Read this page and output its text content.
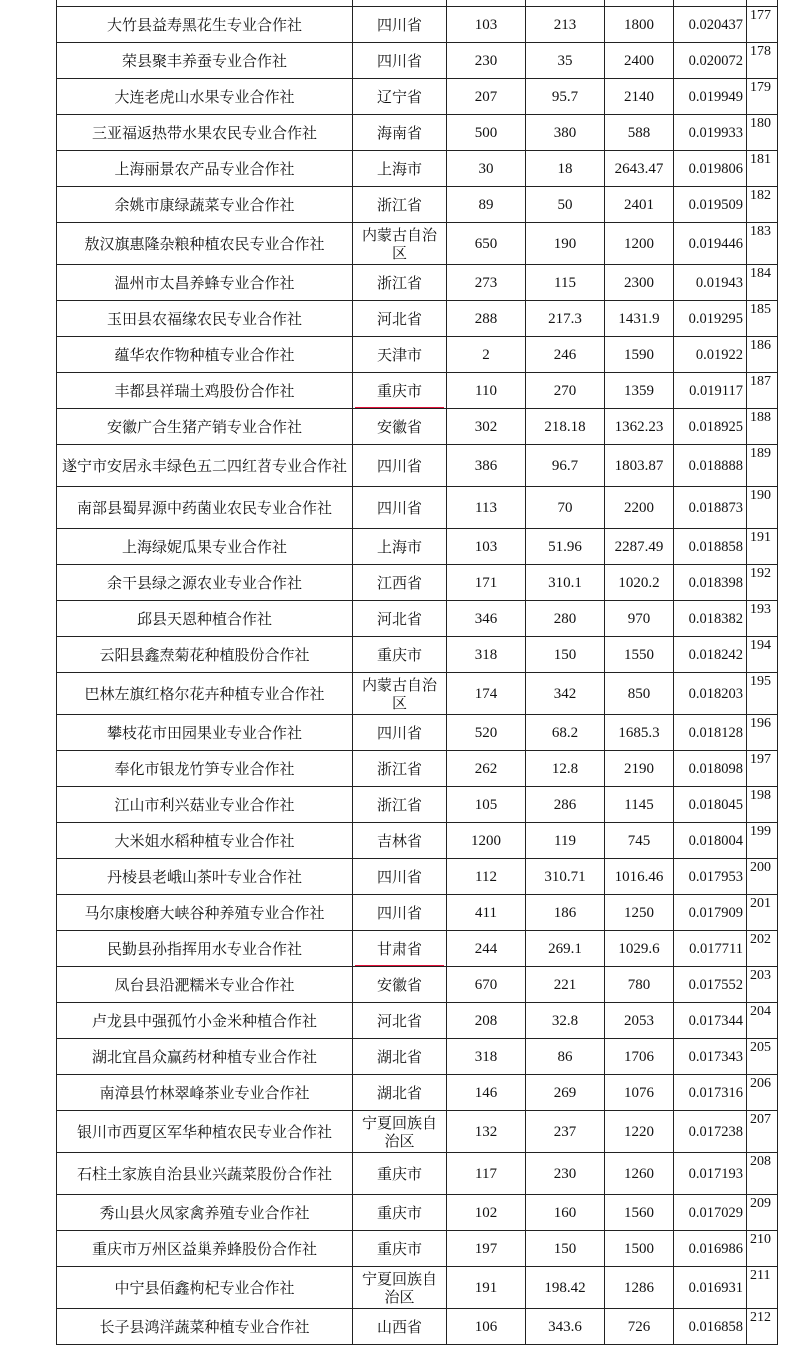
大竹县益寿黑花生专业合作社	四川省	103	213	1800	0.020437	177
荣县聚丰养蚕专业合作社	四川省	230	35	2400	0.020072	178
大连老虎山水果专业合作社	辽宁省	207	95.7	2140	0.019949	179
三亚福返热带水果农民专业合作社	海南省	500	380	588	0.019933	180
上海丽景农产品专业合作社	上海市	30	18	2643.47	0.019806	181
余姚市康绿蔬菜专业合作社	浙江省	89	50	2401	0.019509	182
敖汉旗惠隆杂粮种植农民专业合作社	内蒙古自治区	650	190	1200	0.019446	183
温州市太昌养蜂专业合作社	浙江省	273	115	2300	0.01943	184
玉田县农福缘农民专业合作社	河北省	288	217.3	1431.9	0.019295	185
蕴华农作物种植专业合作社	天津市	2	246	1590	0.01922	186
丰都县祥瑞土鸡股份合作社	重庆市	110	270	1359	0.019117	187
安徽广合生猪产销专业合作社	安徽省	302	218.18	1362.23	0.018925	188
遂宁市安居永丰绿色五二四红苕专业合作社	四川省	386	96.7	1803.87	0.018888	189
南部县蜀昇源中药菌业农民专业合作社	四川省	113	70	2200	0.018873	190
上海绿妮瓜果专业合作社	上海市	103	51.96	2287.49	0.018858	191
余干县绿之源农业专业合作社	江西省	171	310.1	1020.2	0.018398	192
邱县天恩种植合作社	河北省	346	280	970	0.018382	193
云阳县鑫焘菊花种植股份合作社	重庆市	318	150	1550	0.018242	194
巴林左旗红格尔花卉种植专业合作社	内蒙古自治区	174	342	850	0.018203	195
攀枝花市田园果业专业合作社	四川省	520	68.2	1685.3	0.018128	196
奉化市银龙竹笋专业合作社	浙江省	262	12.8	2190	0.018098	197
江山市利兴菇业专业合作社	浙江省	105	286	1145	0.018045	198
大米姐水稻种植专业合作社	吉林省	1200	119	745	0.018004	199
丹棱县老峨山茶叶专业合作社	四川省	112	310.71	1016.46	0.017953	200
马尔康梭磨大峡谷种养殖专业合作社	四川省	411	186	1250	0.017909	201
民勤县孙指挥用水专业合作社	甘肃省	244	269.1	1029.6	0.017711	202
凤台县沿淝糯米专业合作社	安徽省	670	221	780	0.017552	203
卢龙县中强孤竹小金米种植合作社	河北省	208	32.8	2053	0.017344	204
湖北宜昌众赢药材种植专业合作社	湖北省	318	86	1706	0.017343	205
南漳县竹林翠峰茶业专业合作社	湖北省	146	269	1076	0.017316	206
银川市西夏区军华种植农民专业合作社	宁夏回族自治区	132	237	1220	0.017238	207
石柱土家族自治县业兴蔬菜股份合作社	重庆市	117	230	1260	0.017193	208
秀山县火凤家禽养殖专业合作社	重庆市	102	160	1560	0.017029	209
重庆市万州区益巢养蜂股份合作社	重庆市	197	150	1500	0.016986	210
中宁县佰鑫枸杞专业合作社	宁夏回族自治区	191	198.42	1286	0.016931	211
长子县鸿洋蔬菜种植专业合作社	山西省	106	343.6	726	0.016858	212
